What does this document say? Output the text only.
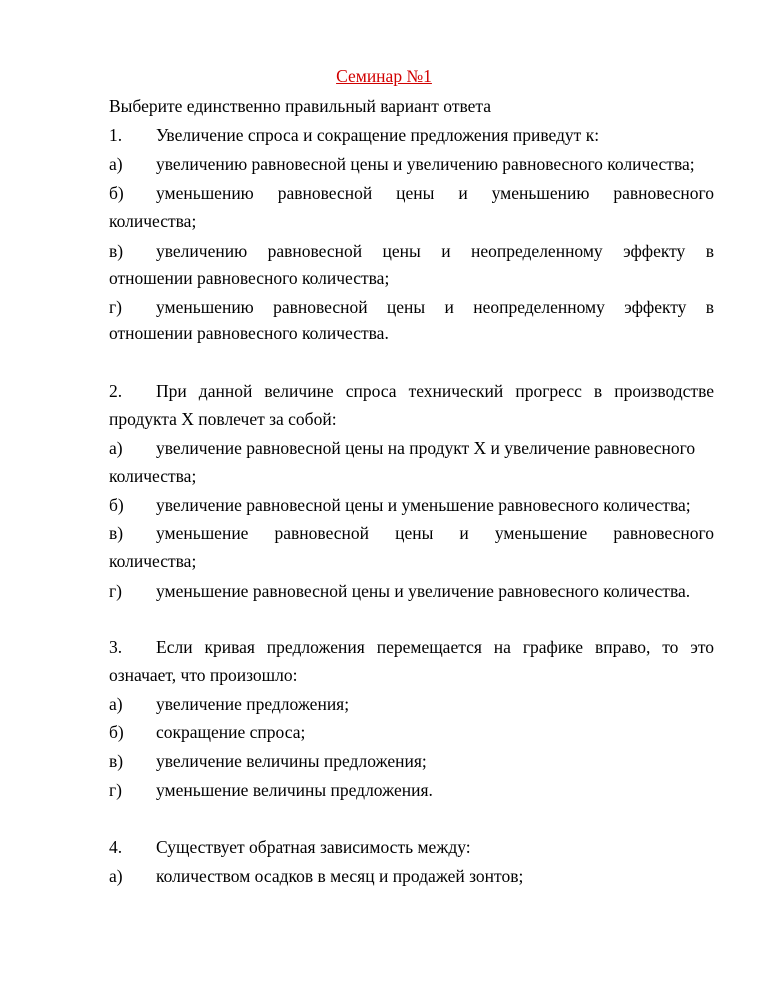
Семинар №1
Выберите единственно правильный вариант ответа
1. Увеличение спроса и сокращение предложения приведут к:
а) увеличению равновесной цены и увеличению равновесного количества;
б) уменьшению равновесной цены и уменьшению равновесного
количества;
в) увеличению равновесной цены и неопределенному эффекту в
отношении равновесного количества;
г) уменьшению равновесной цены и неопределенному эффекту в
отношении равновесного количества.
2. При данной величине спроса технический прогресс в производстве
продукта Х повлечет за собой:
а) увеличение равновесной цены на продукт Х и увеличение равновесного
количества;
б) увеличение равновесной цены и уменьшение равновесного количества;
в) уменьшение равновесной цены и уменьшение равновесного
количества;
г) уменьшение равновесной цены и увеличение равновесного количества.
3. Если кривая предложения перемещается на графике вправо, то это
означает, что произошло:
а) увеличение предложения;
б) сокращение спроса;
в) увеличение величины предложения;
г) уменьшение величины предложения.
4. Существует обратная зависимость между:
а) количеством осадков в месяц и продажей зонтов;
